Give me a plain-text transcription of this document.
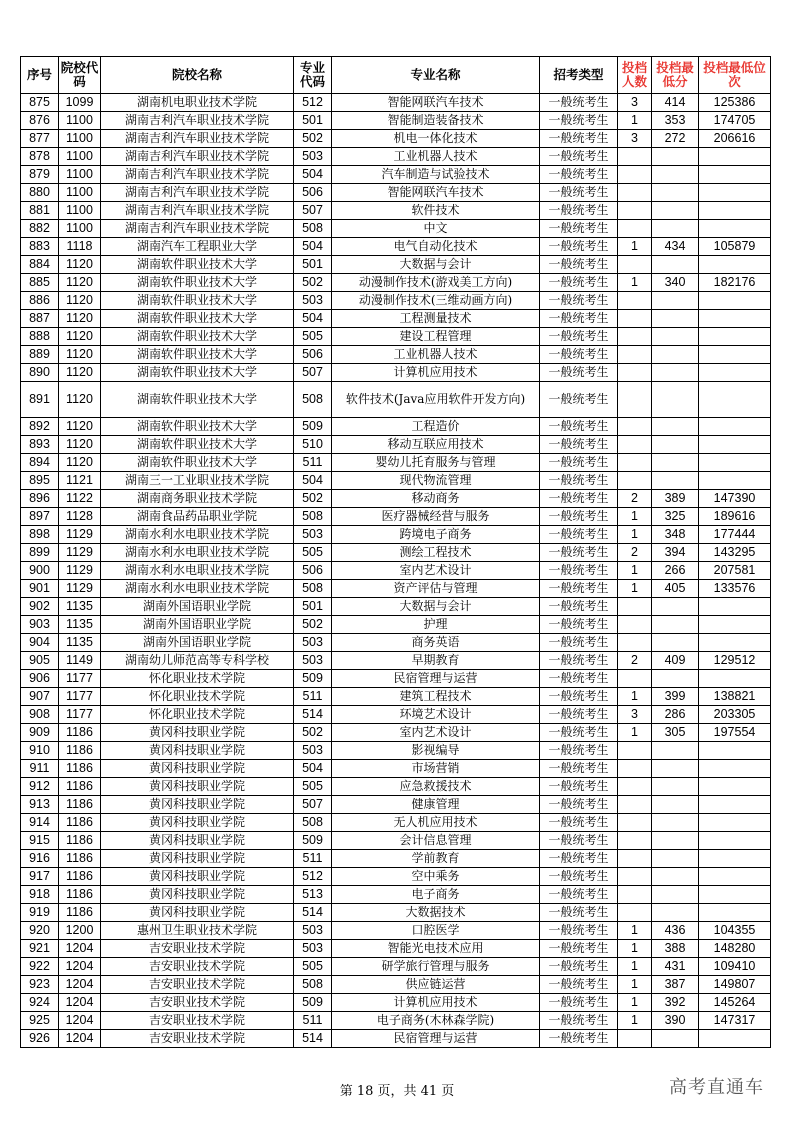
序号	院校代码	院校名称	专业代码	专业名称	招考类型	投档人数	投档最低分	投档最低位次
875	1099	湖南机电职业技术学院	512	智能网联汽车技术	一般统考生	3	414	125386
876	1100	湖南吉利汽车职业技术学院	501	智能制造装备技术	一般统考生	1	353	174705
877	1100	湖南吉利汽车职业技术学院	502	机电一体化技术	一般统考生	3	272	206616
878	1100	湖南吉利汽车职业技术学院	503	工业机器人技术	一般统考生			
879	1100	湖南吉利汽车职业技术学院	504	汽车制造与试验技术	一般统考生			
880	1100	湖南吉利汽车职业技术学院	506	智能网联汽车技术	一般统考生			
881	1100	湖南吉利汽车职业技术学院	507	软件技术	一般统考生			
882	1100	湖南吉利汽车职业技术学院	508	中文	一般统考生			
883	1118	湖南汽车工程职业大学	504	电气自动化技术	一般统考生	1	434	105879
884	1120	湖南软件职业技术大学	501	大数据与会计	一般统考生			
885	1120	湖南软件职业技术大学	502	动漫制作技术(游戏美工方向)	一般统考生	1	340	182176
886	1120	湖南软件职业技术大学	503	动漫制作技术(三维动画方向)	一般统考生			
887	1120	湖南软件职业技术大学	504	工程测量技术	一般统考生			
888	1120	湖南软件职业技术大学	505	建设工程管理	一般统考生			
889	1120	湖南软件职业技术大学	506	工业机器人技术	一般统考生			
890	1120	湖南软件职业技术大学	507	计算机应用技术	一般统考生			
891	1120	湖南软件职业技术大学	508	软件技术(Java应用软件开发方向)	一般统考生			
892	1120	湖南软件职业技术大学	509	工程造价	一般统考生			
893	1120	湖南软件职业技术大学	510	移动互联应用技术	一般统考生			
894	1120	湖南软件职业技术大学	511	婴幼儿托育服务与管理	一般统考生			
895	1121	湖南三一工业职业技术学院	504	现代物流管理	一般统考生			
896	1122	湖南商务职业技术学院	502	移动商务	一般统考生	2	389	147390
897	1128	湖南食品药品职业学院	508	医疗器械经营与服务	一般统考生	1	325	189616
898	1129	湖南水利水电职业技术学院	503	跨境电子商务	一般统考生	1	348	177444
899	1129	湖南水利水电职业技术学院	505	测绘工程技术	一般统考生	2	394	143295
900	1129	湖南水利水电职业技术学院	506	室内艺术设计	一般统考生	1	266	207581
901	1129	湖南水利水电职业技术学院	508	资产评估与管理	一般统考生	1	405	133576
902	1135	湖南外国语职业学院	501	大数据与会计	一般统考生			
903	1135	湖南外国语职业学院	502	护理	一般统考生			
904	1135	湖南外国语职业学院	503	商务英语	一般统考生			
905	1149	湖南幼儿师范高等专科学校	503	早期教育	一般统考生	2	409	129512
906	1177	怀化职业技术学院	509	民宿管理与运营	一般统考生			
907	1177	怀化职业技术学院	511	建筑工程技术	一般统考生	1	399	138821
908	1177	怀化职业技术学院	514	环境艺术设计	一般统考生	3	286	203305
909	1186	黄冈科技职业学院	502	室内艺术设计	一般统考生	1	305	197554
910	1186	黄冈科技职业学院	503	影视编导	一般统考生			
911	1186	黄冈科技职业学院	504	市场营销	一般统考生			
912	1186	黄冈科技职业学院	505	应急救援技术	一般统考生			
913	1186	黄冈科技职业学院	507	健康管理	一般统考生			
914	1186	黄冈科技职业学院	508	无人机应用技术	一般统考生			
915	1186	黄冈科技职业学院	509	会计信息管理	一般统考生			
916	1186	黄冈科技职业学院	511	学前教育	一般统考生			
917	1186	黄冈科技职业学院	512	空中乘务	一般统考生			
918	1186	黄冈科技职业学院	513	电子商务	一般统考生			
919	1186	黄冈科技职业学院	514	大数据技术	一般统考生			
920	1200	惠州卫生职业技术学院	503	口腔医学	一般统考生	1	436	104355
921	1204	吉安职业技术学院	503	智能光电技术应用	一般统考生	1	388	148280
922	1204	吉安职业技术学院	505	研学旅行管理与服务	一般统考生	1	431	109410
923	1204	吉安职业技术学院	508	供应链运营	一般统考生	1	387	149807
924	1204	吉安职业技术学院	509	计算机应用技术	一般统考生	1	392	145264
925	1204	吉安职业技术学院	511	电子商务(木林森学院)	一般统考生	1	390	147317
926	1204	吉安职业技术学院	514	民宿管理与运营	一般统考生			
第 18 页，共 41 页	高考直通车
